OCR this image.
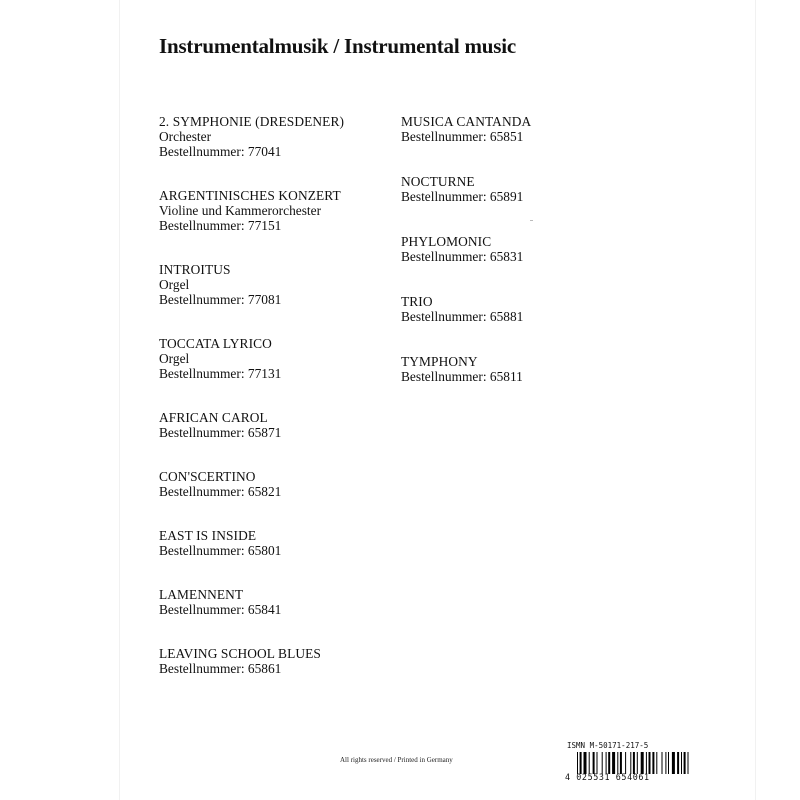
Instrumentalmusik / Instrumental music
2. SYMPHONIE (DRESDENER)
Orchester
Bestellnummer: 77041
ARGENTINISCHES KONZERT
Violine und Kammerorchester
Bestellnummer: 77151
INTROITUS
Orgel
Bestellnummer: 77081
TOCCATA LYRICO
Orgel
Bestellnummer: 77131
AFRICAN CAROL
Bestellnummer: 65871
CON'SCERTINO
Bestellnummer: 65821
EAST IS INSIDE
Bestellnummer: 65801
LAMENNENT
Bestellnummer: 65841
LEAVING SCHOOL BLUES
Bestellnummer: 65861
MUSICA CANTANDA
Bestellnummer: 65851
NOCTURNE
Bestellnummer: 65891
PHYLOMONIC
Bestellnummer: 65831
TRIO
Bestellnummer: 65881
TYMPHONY
Bestellnummer: 65811
All rights reserved / Printed in Germany
ISMN M-50171-217-5
4 025531 654061
